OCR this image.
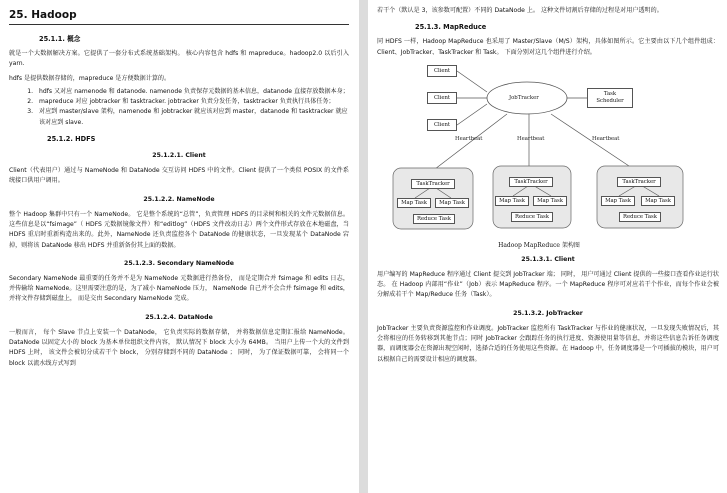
25. Hadoop
25.1.1. 概念

就是一个大数据解决方案。它提供了一套分布式系统基础架构。 核心内容包含 hdfs 和 mapreduce。hadoop2.0 以后引入 yarn.

hdfs 是提供数据存储的，mapreduce 是方便数据计算的。

1. hdfs 又对应 namenode 和 datanode. namenode 负责保存元数据的基本信息，datanode 直接存放数据本身；
2. mapreduce 对应 jobtracker 和 tasktracker. jobtracker 负责分发任务，tasktracker 负责执行具体任务；
3. 对应到 master/slave 架构，namenode 和 jobtracker 就应该对应到 master，datanode 和 tasktracker 就应该对应到 slave.
25.1.2. HDFS
25.1.2.1. Client

Client（代表用户）通过与 NameNode 和 DataNode 交互访问 HDFS 中的文件。Client 提供了一个类似 POSIX 的文件系统接口供用户调用。

25.1.2.2. NameNode

整个 Hadoop 集群中只有一个 NameNode。 它是整个系统的“总管”，负责管理 HDFS 的目录树和相关的文件元数据信息。 这些信息是以“fsimage”（ HDFS 元数据镜像文件）和“editlog”（HDFS 文件改动日志）两个文件形式存放在本地磁盘，当 HDFS 重启时重新构造出来的。此外，NameNode 还负责监控各个 DataNode 的健康状态，一旦发现某个 DataNode 宕掉，则将该 DataNode 移出 HDFS 并重新备份其上面的数据。

25.1.2.3. Secondary NameNode

Secondary NameNode 最重要的任务并不是为 NameNode 元数据进行热备份， 而是定期合并 fsimage 和 edits 日志， 并传输给 NameNode。这里需要注意的是，为了减小 NameNode 压力， NameNode 自己并不会合并 fsimage 和 edits， 并将文件存储到磁盘上， 而是交由 Secondary NameNode 完成。

25.1.2.4. DataNode

一般而言， 每个 Slave 节点上安装一个 DataNode， 它负责实际的数据存储， 并将数据信息定期汇报给 NameNode。 DataNode 以固定大小的 block 为基本单位组织文件内容， 默认情况下 block 大小为 64MB。 当用户上传一个大的文件到 HDFS 上时， 该文件会被切分成若干个 block， 分别存储到不同的 DataNode ； 同时， 为了保证数据可靠， 会将同一个 block 以流水线方式写到

若干个（默认是 3，该参数可配置）不同的 DataNode 上。 这种文件切割后存储的过程是对用户透明的。

25.1.3. MapReduce

同 HDFS 一样，Hadoop MapReduce 也采用了 Master/Slave（M/S）架构，具体如图所示。它主要由以下几个组件组成：Client、JobTracker、TaskTracker 和 Task。 下面分别对这几个组件进行介绍。

Client
Client
Client
JobTracker
Task
Scheduler
Heartbeat	Heartbeat	Heartbeat
TaskTracker
Map Task	Map Task
Reduce Task
TaskTracker
Map Task	Map Task
Reduce Task
TaskTracker
Map Task	Map Task
Reduce Task
Hadoop MapReduce 架构图
25.1.3.1. Client

用户编写的 MapReduce 程序通过 Client 提交到 JobTracker 端； 同时， 用户可通过 Client 提供的一些接口查看作业运行状态。 在 Hadoop 内部用“作业”（Job）表示 MapReduce 程序。一个 MapReduce 程序可对应若干个作业，而每个作业会被分解成若干个 Map/Reduce 任务（Task）。

25.1.3.2. JobTracker

JobTracker 主要负责资源监控和作业调度。JobTracker 监控所有 TaskTracker 与作业的健康状况，一旦发现失败情况后，其会将相应的任务转移到其他节点；同时 JobTracker 会跟踪任务的执行进度、资源使用量等信息，并将这些信息告诉任务调度器，而调度器会在资源出现空闲时，选择合适的任务使用这些资源。在 Hadoop 中，任务调度器是一个可插拔的模块，用户可以根据自己的需要设计相应的调度器。
